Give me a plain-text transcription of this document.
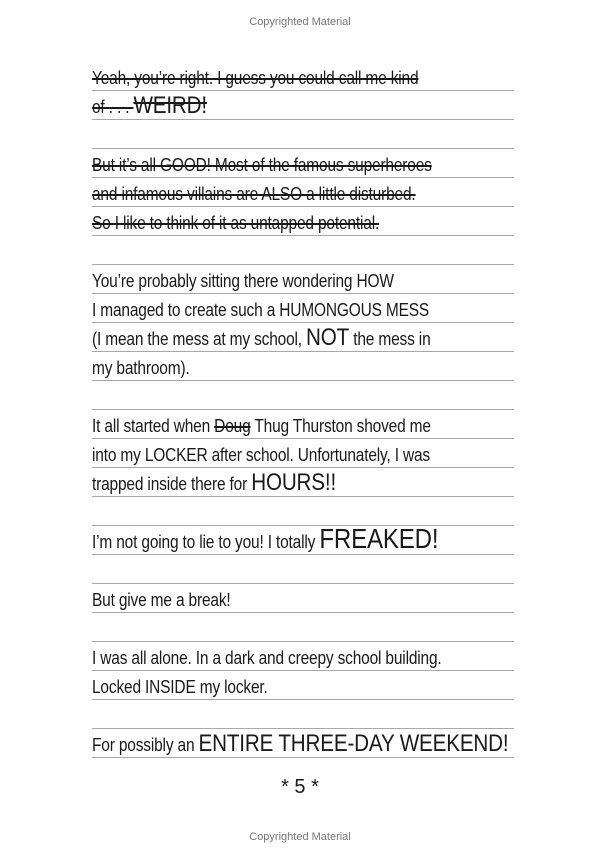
Copyrighted Material
Yeah, you’re right. I guess you could call me kind
of . . . WEIRD!
But it’s all GOOD! Most of the famous superheroes
and infamous villains are ALSO a little disturbed.
So I like to think of it as untapped potential.
You’re probably sitting there wondering HOW
I managed to create such a HUMONGOUS MESS
(I mean the mess at my school, NOT the mess in
my bathroom).
It all started when Doug Thug Thurston shoved me
into my LOCKER after school. Unfortunately, I was
trapped inside there for HOURS!!
I’m not going to lie to you! I totally FREAKED!
But give me a break!
I was all alone. In a dark and creepy school building.
Locked INSIDE my locker.
For possibly an ENTIRE THREE-DAY WEEKEND!
* 5 *
Copyrighted Material
